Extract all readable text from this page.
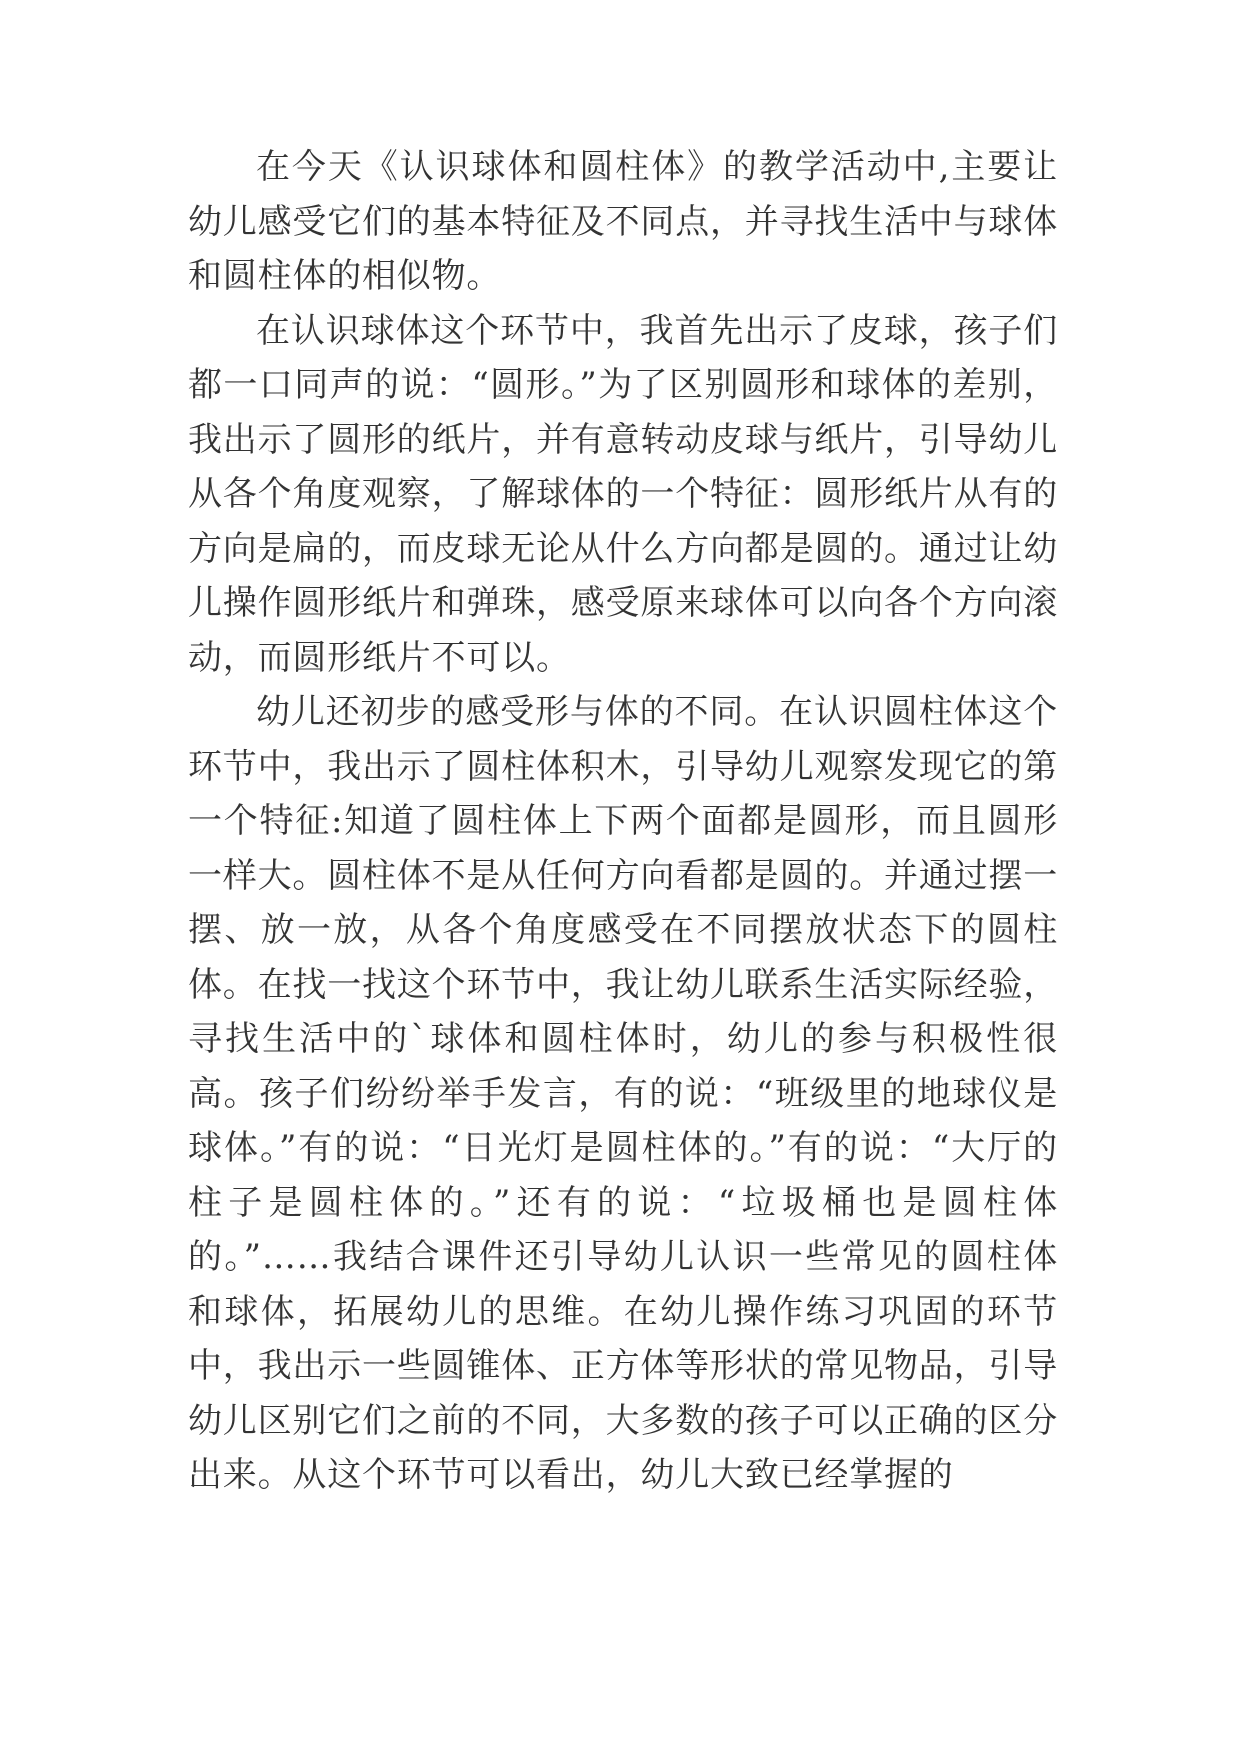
在今天《认识球体和圆柱体》的教学活动中,主要让幼儿感受它们的基本特征及不同点，并寻找生活中与球体和圆柱体的相似物。

在认识球体这个环节中，我首先出示了皮球，孩子们都一口同声的说：“圆形。”为了区别圆形和球体的差别，我出示了圆形的纸片，并有意转动皮球与纸片，引导幼儿从各个角度观察，了解球体的一个特征：圆形纸片从有的方向是扁的，而皮球无论从什么方向都是圆的。通过让幼儿操作圆形纸片和弹珠，感受原来球体可以向各个方向滚动，而圆形纸片不可以。

幼儿还初步的感受形与体的不同。在认识圆柱体这个环节中，我出示了圆柱体积木，引导幼儿观察发现它的第一个特征:知道了圆柱体上下两个面都是圆形，而且圆形一样大。圆柱体不是从任何方向看都是圆的。并通过摆一摆、放一放，从各个角度感受在不同摆放状态下的圆柱体。在找一找这个环节中，我让幼儿联系生活实际经验，寻找生活中的`球体和圆柱体时，幼儿的参与积极性很高。孩子们纷纷举手发言，有的说：“班级里的地球仪是球体。”有的说：“日光灯是圆柱体的。”有的说：“大厅的柱子是圆柱体的。”还有的说：“垃圾桶也是圆柱体的。”……我结合课件还引导幼儿认识一些常见的圆柱体和球体，拓展幼儿的思维。在幼儿操作练习巩固的环节中，我出示一些圆锥体、正方体等形状的常见物品，引导幼儿区别它们之前的不同，大多数的孩子可以正确的区分出来。从这个环节可以看出，幼儿大致已经掌握的
